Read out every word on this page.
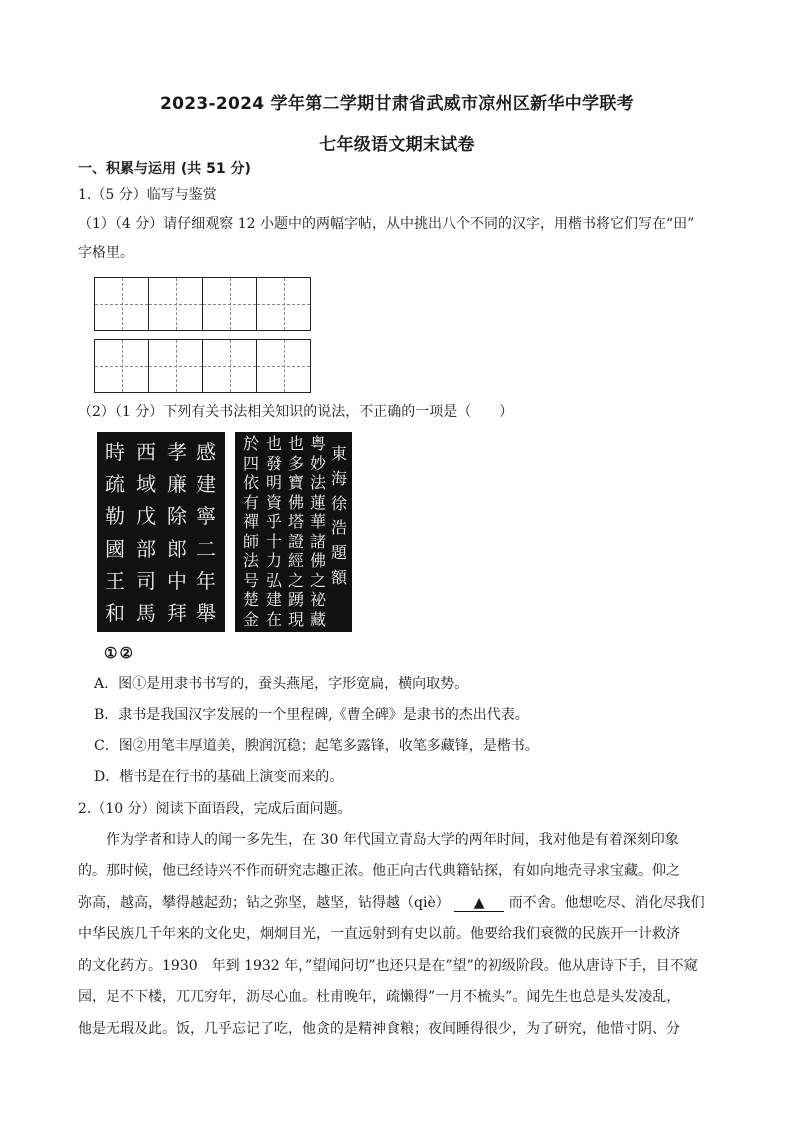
2023-2024 学年第二学期甘肃省武威市凉州区新华中学联考
七年级语文期末试卷
一、积累与运用 (共 51 分)
1.（5 分）临写与鉴赏
（1）（4 分）请仔细观察 12 小题中的两幅字帖，从中挑出八个不同的汉字，用楷书将它们写在“田”
字格里。
（2）（1 分）下列有关书法相关知识的说法，不正确的一项是（　　）
感
建
寧
二
年
舉
孝
廉
除
郎
中
拜
西
域
戊
部
司
馬
時
疏
勒
國
王
和
東
海
徐
浩
題
額
粤
妙
法
蓮
華
諸
佛
之
祕
藏
也
多
寶
佛
塔
證
經
之
踴
現
也
發
明
資
乎
十
力
弘
建
在
於
四
依
有
禪
師
法
号
楚
金
①②
A．图①是用隶书书写的，蚕头燕尾，字形宽扁，横向取势。
B．隶书是我国汉字发展的一个里程碑,《曹全碑》是隶书的杰出代表。
C．图②用笔丰厚道美，腴润沉稳；起笔多露锋，收笔多藏锋，是楷书。
D．楷书是在行书的基础上演变而来的。
2.（10 分）阅读下面语段，完成后面问题。
作为学者和诗人的闻一多先生，在 30 年代国立青岛大学的两年时间，我对他是有着深刻印象
的。那时候，他已经诗兴不作而研究志趣正浓。他正向古代典籍钻探，有如向地壳寻求宝藏。仰之
弥高，越高，攀得越起劲；钻之弥坚，越坚，钻得越（qiè） ▲ 而不舍。他想吃尽、消化尽我们
中华民族几千年来的文化史，炯炯目光，一直远射到有史以前。他要给我们衰微的民族开一计救济
的文化药方。1930　年到 1932 年，”望闻问切”也还只是在”望”的初级阶段。他从唐诗下手，目不窥
园，足不下楼，兀兀穷年，沥尽心血。杜甫晚年，疏懒得”一月不梳头”。闻先生也总是头发凌乱，
他是无瑕及此。饭，几乎忘记了吃，他贪的是精神食粮；夜间睡得很少，为了研究，他惜寸阴、分
